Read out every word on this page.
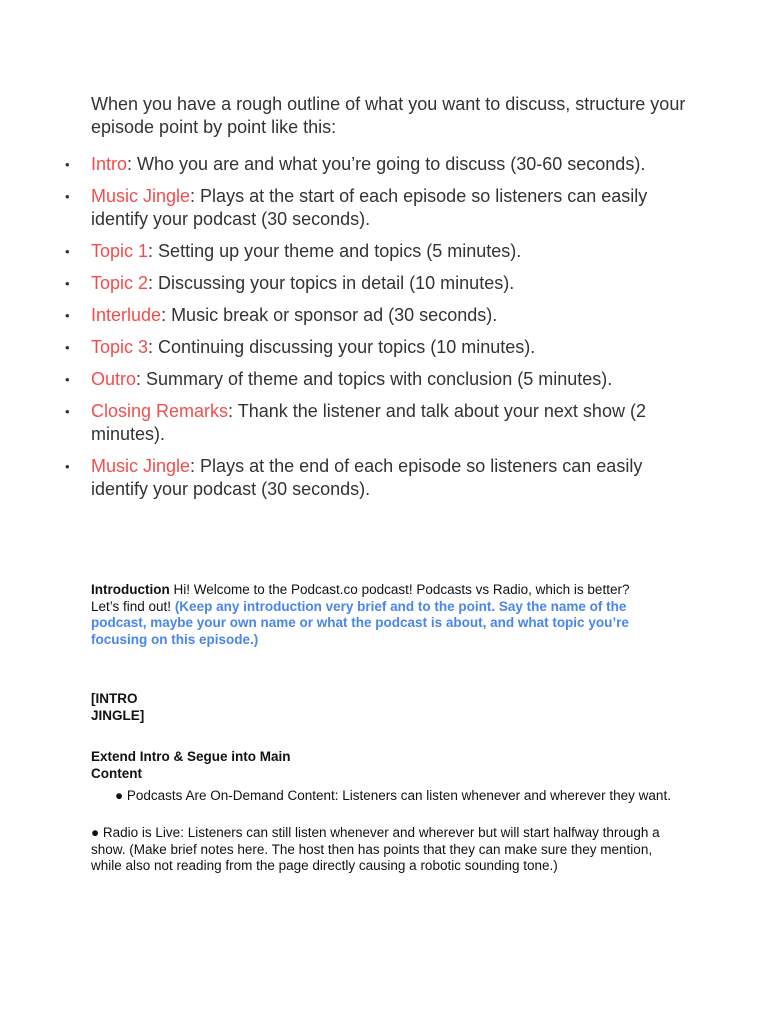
When you have a rough outline of what you want to discuss, structure your episode point by point like this:

• Intro: Who you are and what you’re going to discuss (30-60 seconds).
• Music Jingle: Plays at the start of each episode so listeners can easily identify your podcast (30 seconds).
• Topic 1: Setting up your theme and topics (5 minutes).
• Topic 2: Discussing your topics in detail (10 minutes).
• Interlude: Music break or sponsor ad (30 seconds).
• Topic 3: Continuing discussing your topics (10 minutes).
• Outro: Summary of theme and topics with conclusion (5 minutes).
• Closing Remarks: Thank the listener and talk about your next show (2 minutes).
• Music Jingle: Plays at the end of each episode so listeners can easily identify your podcast (30 seconds).
Introduction Hi! Welcome to the Podcast.co podcast! Podcasts vs Radio, which is better? Let’s find out! (Keep any introduction very brief and to the point. Say the name of the podcast, maybe your own name or what the podcast is about, and what topic you’re focusing on this episode.)
[INTRO
JINGLE]
Extend Intro & Segue into Main
Content
● Podcasts Are On-Demand Content: Listeners can listen whenever and wherever they want.
● Radio is Live: Listeners can still listen whenever and wherever but will start halfway through a show. (Make brief notes here. The host then has points that they can make sure they mention, while also not reading from the page directly causing a robotic sounding tone.)
